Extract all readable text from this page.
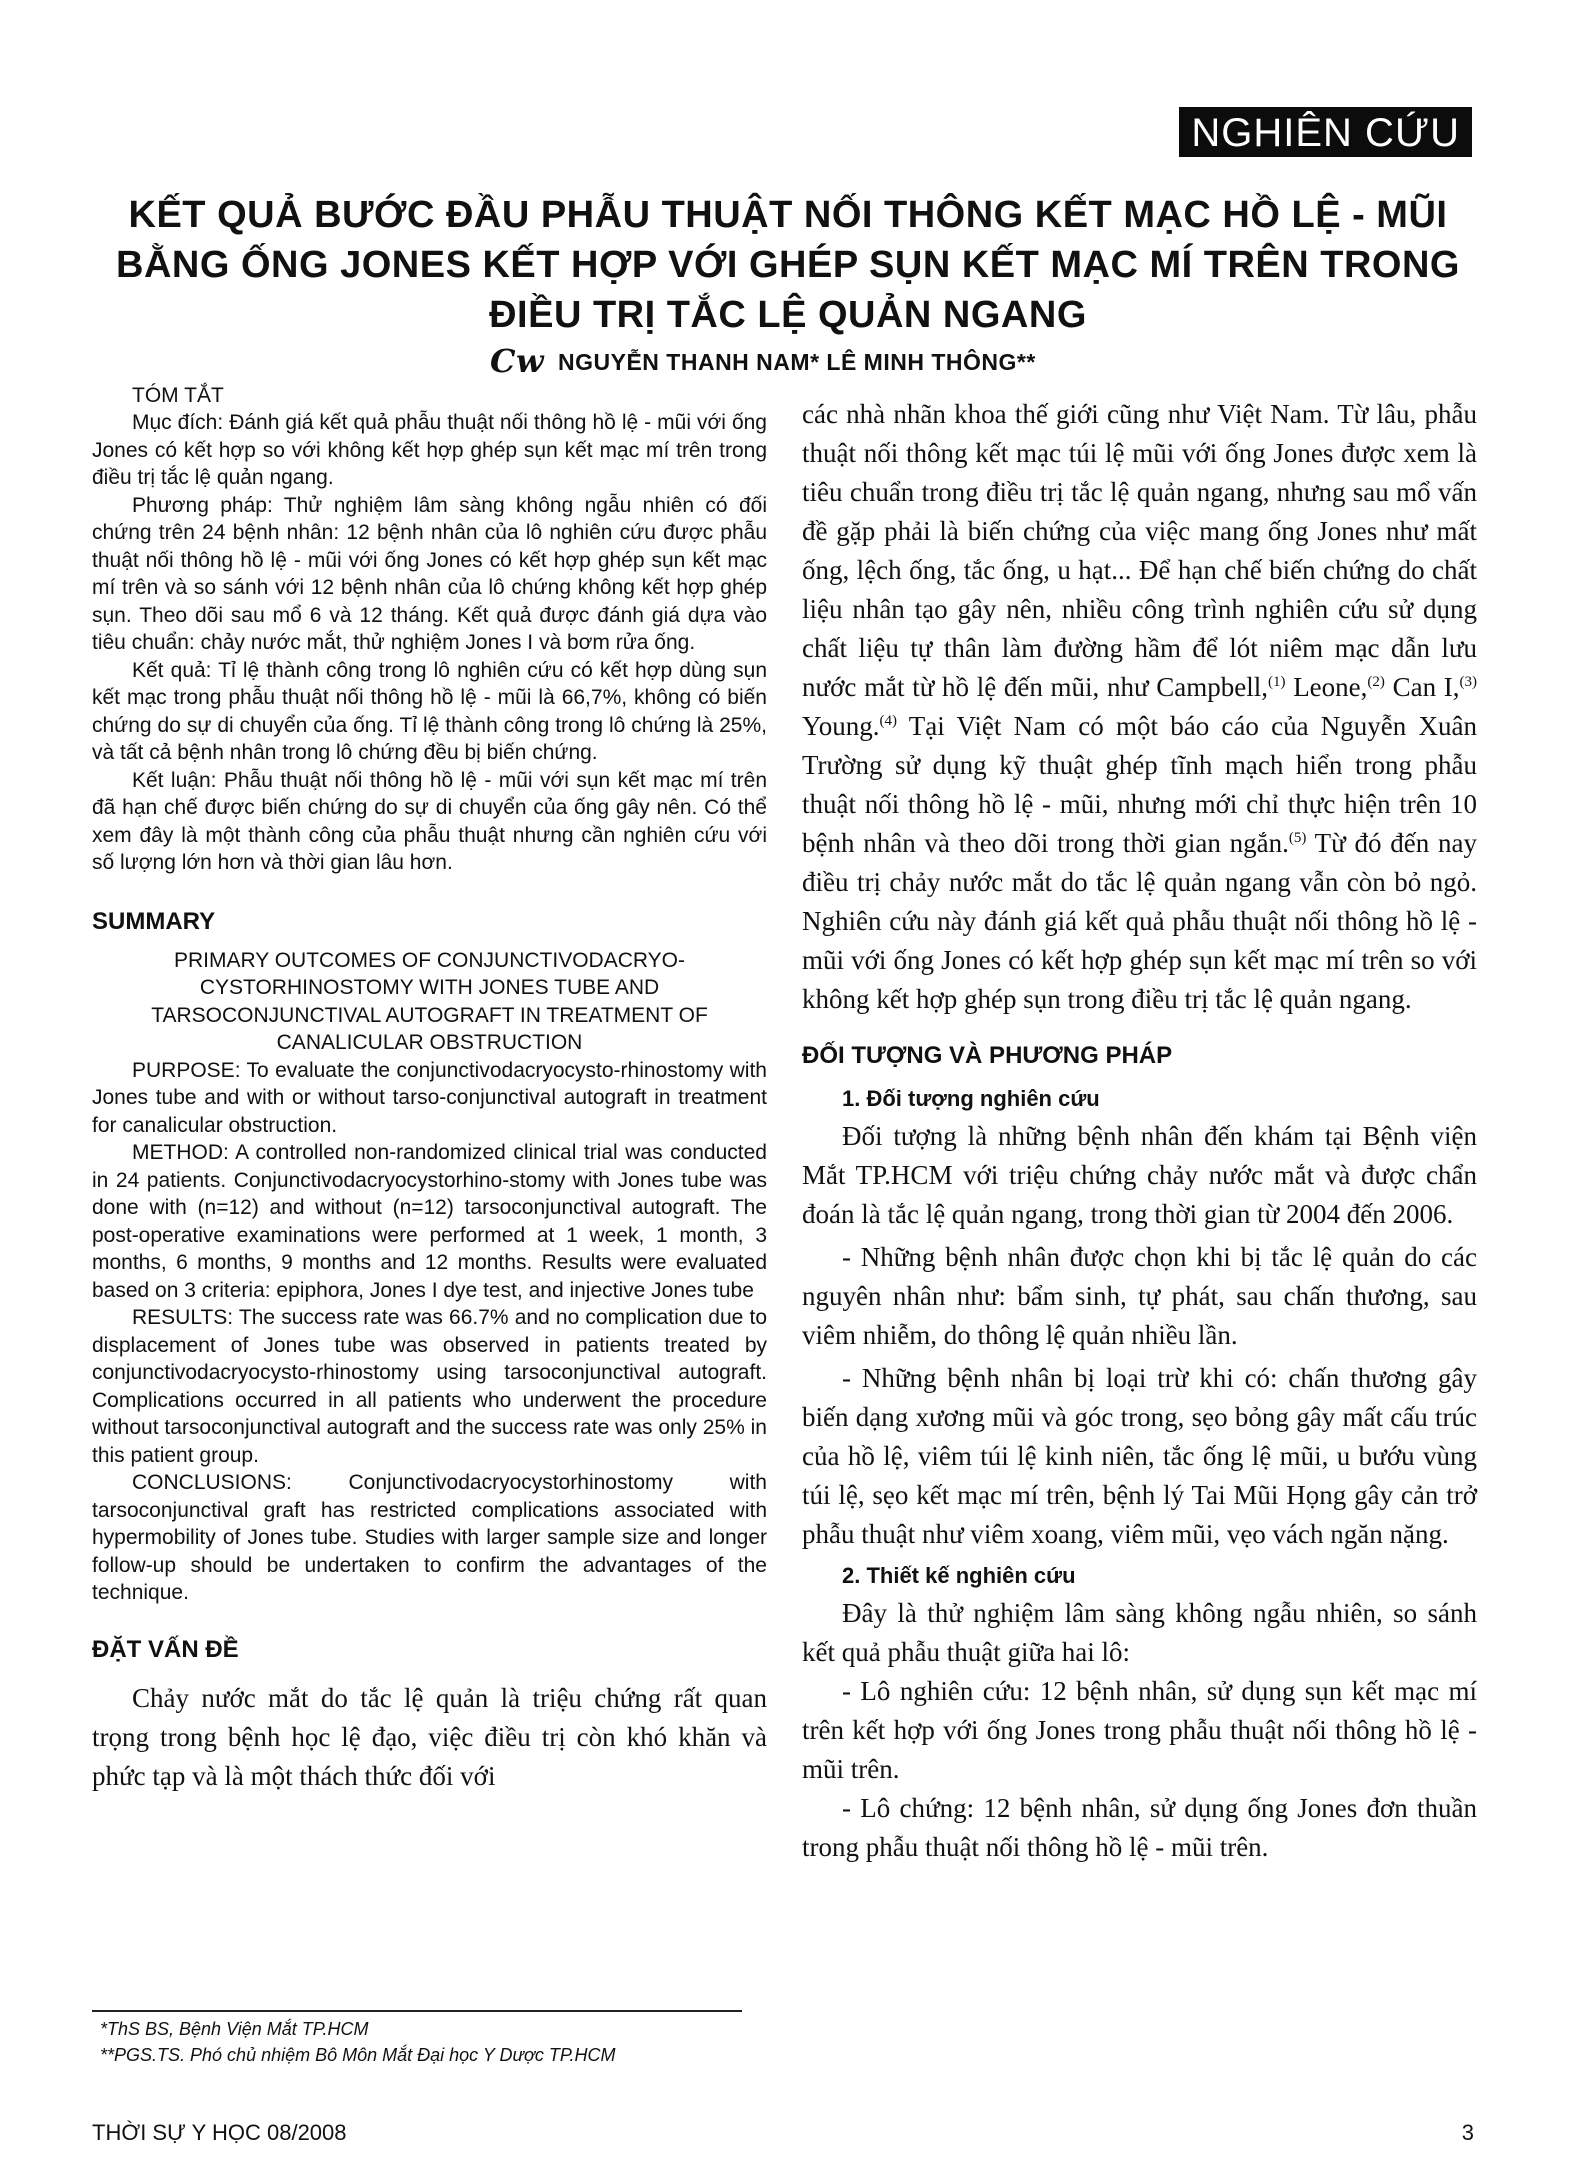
NGHIÊN CỨU
KẾT QUẢ BƯỚC ĐẦU PHẪU THUẬT NỐI THÔNG KẾT MẠC HỒ LỆ - MŨI
BẰNG ỐNG JONES KẾT HỢP VỚI GHÉP SỤN KẾT MẠC MÍ TRÊN TRONG
ĐIỀU TRỊ TẮC LỆ QUẢN NGANG
Cw NGUYỄN THANH NAM* LÊ MINH THÔNG**
TÓM TẮT

Mục đích: Đánh giá kết quả phẫu thuật nối thông hồ lệ - mũi với ống Jones có kết hợp so với không kết hợp ghép sụn kết mạc mí trên trong điều trị tắc lệ quản ngang.

Phương pháp: Thử nghiệm lâm sàng không ngẫu nhiên có đối chứng trên 24 bệnh nhân: 12 bệnh nhân của lô nghiên cứu được phẫu thuật nối thông hồ lệ - mũi với ống Jones có kết hợp ghép sụn kết mạc mí trên và so sánh với 12 bệnh nhân của lô chứng không kết hợp ghép sụn. Theo dõi sau mổ 6 và 12 tháng. Kết quả được đánh giá dựa vào tiêu chuẩn: chảy nước mắt, thử nghiệm Jones I và bơm rửa ống.

Kết quả: Tỉ lệ thành công trong lô nghiên cứu có kết hợp dùng sụn kết mạc trong phẫu thuật nối thông hồ lệ - mũi là 66,7%, không có biến chứng do sự di chuyển của ống. Tỉ lệ thành công trong lô chứng là 25%, và tất cả bệnh nhân trong lô chứng đều bị biến chứng.

Kết luận: Phẫu thuật nối thông hồ lệ - mũi với sụn kết mạc mí trên đã hạn chế được biến chứng do sự di chuyển của ống gây nên. Có thể xem đây là một thành công của phẫu thuật nhưng cần nghiên cứu với số lượng lớn hơn và thời gian lâu hơn.

SUMMARY

PRIMARY OUTCOMES OF CONJUNCTIVODACRYO-CYSTORHINOSTOMY WITH JONES TUBE AND TARSOCONJUNCTIVAL AUTOGRAFT IN TREATMENT OF CANALICULAR OBSTRUCTION

PURPOSE: To evaluate the conjunctivodacryocysto-rhinostomy with Jones tube and with or without tarso-conjunctival autograft in treatment for canalicular obstruction.

METHOD: A controlled non-randomized clinical trial was conducted in 24 patients. Conjunctivodacryocystorhino-stomy with Jones tube was done with (n=12) and without (n=12) tarsoconjunctival autograft. The post-operative examinations were performed at 1 week, 1 month, 3 months, 6 months, 9 months and 12 months. Results were evaluated based on 3 criteria: epiphora, Jones I dye test, and injective Jones tube

RESULTS: The success rate was 66.7% and no complication due to displacement of Jones tube was observed in patients treated by conjunctivodacryocysto-rhinostomy using tarsoconjunctival autograft. Complications occurred in all patients who underwent the procedure without tarsoconjunctival autograft and the success rate was only 25% in this patient group.

CONCLUSIONS: Conjunctivodacryocystorhinostomy with tarsoconjunctival graft has restricted complications associated with hypermobility of Jones tube. Studies with larger sample size and longer follow-up should be undertaken to confirm the advantages of the technique.

ĐẶT VẤN ĐỀ

Chảy nước mắt do tắc lệ quản là triệu chứng rất quan trọng trong bệnh học lệ đạo, việc điều trị còn khó khăn và phức tạp và là một thách thức đối với

các nhà nhãn khoa thế giới cũng như Việt Nam. Từ lâu, phẫu thuật nối thông kết mạc túi lệ mũi với ống Jones được xem là tiêu chuẩn trong điều trị tắc lệ quản ngang, nhưng sau mổ vấn đề gặp phải là biến chứng của việc mang ống Jones như mất ống, lệch ống, tắc ống, u hạt... Để hạn chế biến chứng do chất liệu nhân tạo gây nên, nhiều công trình nghiên cứu sử dụng chất liệu tự thân làm đường hầm để lót niêm mạc dẫn lưu nước mắt từ hồ lệ đến mũi, như Campbell,$^{(1)}$ Leone,$^{(2)}$ Can I,$^{(3)}$ Young.$^{(4)}$ Tại Việt Nam có một báo cáo của Nguyễn Xuân Trường sử dụng kỹ thuật ghép tĩnh mạch hiển trong phẫu thuật nối thông hồ lệ - mũi, nhưng mới chỉ thực hiện trên 10 bệnh nhân và theo dõi trong thời gian ngắn.$^{(5)}$ Từ đó đến nay điều trị chảy nước mắt do tắc lệ quản ngang vẫn còn bỏ ngỏ. Nghiên cứu này đánh giá kết quả phẫu thuật nối thông hồ lệ - mũi với ống Jones có kết hợp ghép sụn kết mạc mí trên so với không kết hợp ghép sụn trong điều trị tắc lệ quản ngang.

ĐỐI TƯỢNG VÀ PHƯƠNG PHÁP
1. Đối tượng nghiên cứu

Đối tượng là những bệnh nhân đến khám tại Bệnh viện Mắt TP.HCM với triệu chứng chảy nước mắt và được chẩn đoán là tắc lệ quản ngang, trong thời gian từ 2004 đến 2006.

- Những bệnh nhân được chọn khi bị tắc lệ quản do các nguyên nhân như: bẩm sinh, tự phát, sau chấn thương, sau viêm nhiễm, do thông lệ quản nhiều lần.

- Những bệnh nhân bị loại trừ khi có: chấn thương gây biến dạng xương mũi và góc trong, sẹo bỏng gây mất cấu trúc của hồ lệ, viêm túi lệ kinh niên, tắc ống lệ mũi, u bướu vùng túi lệ, sẹo kết mạc mí trên, bệnh lý Tai Mũi Họng gây cản trở phẫu thuật như viêm xoang, viêm mũi, vẹo vách ngăn nặng.

2. Thiết kế nghiên cứu

Đây là thử nghiệm lâm sàng không ngẫu nhiên, so sánh kết quả phẫu thuật giữa hai lô:

- Lô nghiên cứu: 12 bệnh nhân, sử dụng sụn kết mạc mí trên kết hợp với ống Jones trong phẫu thuật nối thông hồ lệ - mũi trên.

- Lô chứng: 12 bệnh nhân, sử dụng ống Jones đơn thuần trong phẫu thuật nối thông hồ lệ - mũi trên.

*ThS BS, Bệnh Viện Mắt TP.HCM
**PGS.TS. Phó chủ nhiệm Bô Môn Mắt Đại học Y Dược TP.HCM
THỜI SỰ Y HỌC 08/2008	3
